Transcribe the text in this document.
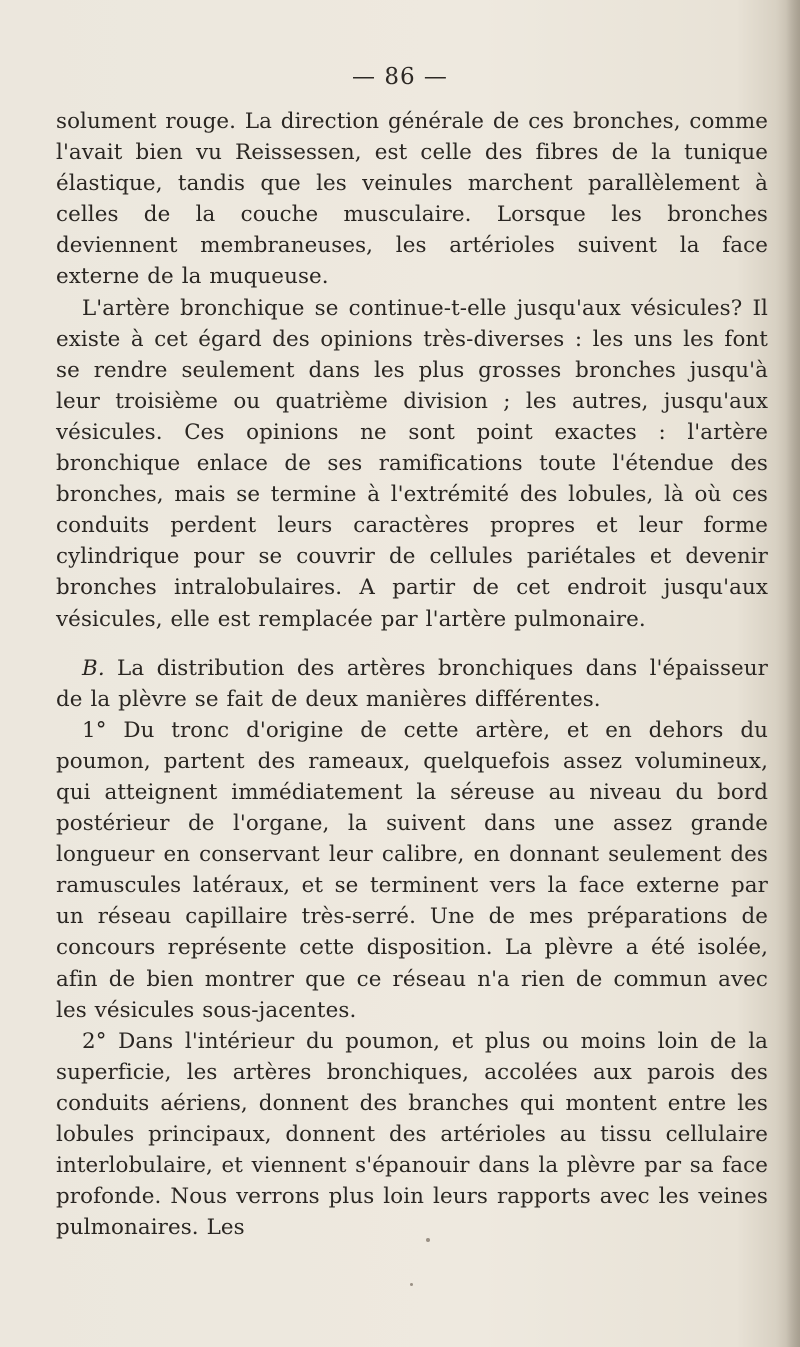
— 86 —

solument rouge. La direction générale de ces bronches, comme l'avait bien vu Reissessen, est celle des fibres de la tunique élastique, tandis que les veinules marchent parallèlement à celles de la couche musculaire. Lorsque les bronches deviennent membraneuses, les artérioles suivent la face externe de la muqueuse.

L'artère bronchique se continue-t-elle jusqu'aux vésicules? Il existe à cet égard des opinions très-diverses : les uns les font se rendre seulement dans les plus grosses bronches jusqu'à leur troisième ou quatrième division ; les autres, jusqu'aux vésicules. Ces opinions ne sont point exactes : l'artère bronchique enlace de ses ramifications toute l'étendue des bronches, mais se termine à l'extrémité des lobules, là où ces conduits perdent leurs caractères propres et leur forme cylindrique pour se couvrir de cellules pariétales et devenir bronches intralobulaires. A partir de cet endroit jusqu'aux vésicules, elle est remplacée par l'artère pulmonaire.

B. La distribution des artères bronchiques dans l'épaisseur de la plèvre se fait de deux manières différentes.

1° Du tronc d'origine de cette artère, et en dehors du poumon, partent des rameaux, quelquefois assez volumineux, qui atteignent immédiatement la séreuse au niveau du bord postérieur de l'organe, la suivent dans une assez grande longueur en conservant leur calibre, en donnant seulement des ramuscules latéraux, et se terminent vers la face externe par un réseau capillaire très-serré. Une de mes préparations de concours représente cette disposition. La plèvre a été isolée, afin de bien montrer que ce réseau n'a rien de commun avec les vésicules sous-jacentes.

2° Dans l'intérieur du poumon, et plus ou moins loin de la superficie, les artères bronchiques, accolées aux parois des conduits aériens, donnent des branches qui montent entre les lobules principaux, donnent des artérioles au tissu cellulaire interlobulaire, et viennent s'épanouir dans la plèvre par sa face profonde. Nous verrons plus loin leurs rapports avec les veines pulmonaires. Les
